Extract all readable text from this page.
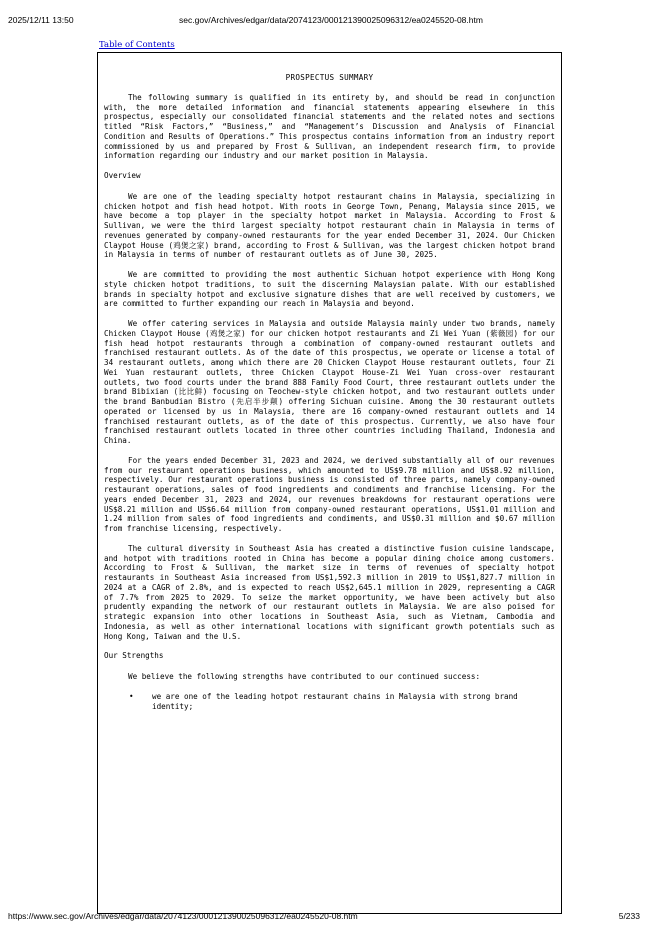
2025/12/11 13:50	sec.gov/Archives/edgar/data/2074123/000121390025096312/ea0245520-08.htm
Table of Contents
PROSPECTUS SUMMARY

The following summary is qualified in its entirety by, and should be read in conjunction with, the more detailed information and financial statements appearing elsewhere in this prospectus, especially our consolidated financial statements and the related notes and sections titled “Risk Factors,” “Business,” and “Management’s Discussion and Analysis of Financial Condition and Results of Operations.” This prospectus contains information from an industry report commissioned by us and prepared by Frost & Sullivan, an independent research firm, to provide information regarding our industry and our market position in Malaysia.

Overview

We are one of the leading specialty hotpot restaurant chains in Malaysia, specializing in chicken hotpot and fish head hotpot. With roots in George Town, Penang, Malaysia since 2015, we have become a top player in the specialty hotpot market in Malaysia. According to Frost & Sullivan, we were the third largest specialty hotpot restaurant chain in Malaysia in terms of revenues generated by company-owned restaurants for the year ended December 31, 2024. Our Chicken Claypot House (鸡煲之家) brand, according to Frost & Sullivan, was the largest chicken hotpot brand in Malaysia in terms of number of restaurant outlets as of June 30, 2025.

We are committed to providing the most authentic Sichuan hotpot experience with Hong Kong style chicken hotpot traditions, to suit the discerning Malaysian palate. With our established brands in specialty hotpot and exclusive signature dishes that are well received by customers, we are committed to further expanding our reach in Malaysia and beyond.

We offer catering services in Malaysia and outside Malaysia mainly under two brands, namely Chicken Claypot House (鸡煲之家) for our chicken hotpot restaurants and Zi Wei Yuan (紫薇园) for our fish head hotpot restaurants through a combination of company-owned restaurant outlets and franchised restaurant outlets. As of the date of this prospectus, we operate or license a total of 34 restaurant outlets, among which there are 20 Chicken Claypot House restaurant outlets, four Zi Wei Yuan restaurant outlets, three Chicken Claypot House-Zi Wei Yuan cross-over restaurant outlets, two food courts under the brand 888 Family Food Court, three restaurant outlets under the brand Bibixian (比比鲜) focusing on Teochew-style chicken hotpot, and two restaurant outlets under the brand Banbudian Bistro (先启半步颠) offering Sichuan cuisine. Among the 30 restaurant outlets operated or licensed by us in Malaysia, there are 16 company-owned restaurant outlets and 14 franchised restaurant outlets, as of the date of this prospectus. Currently, we also have four franchised restaurant outlets located in three other countries including Thailand, Indonesia and China.

For the years ended December 31, 2023 and 2024, we derived substantially all of our revenues from our restaurant operations business, which amounted to US$9.78 million and US$8.92 million, respectively. Our restaurant operations business is consisted of three parts, namely company-owned restaurant operations, sales of food ingredients and condiments and franchise licensing. For the years ended December 31, 2023 and 2024, our revenues breakdowns for restaurant operations were US$8.21 million and US$6.64 million from company-owned restaurant operations, US$1.01 million and 1.24 million from sales of food ingredients and condiments, and US$0.31 million and $0.67 million from franchise licensing, respectively.

The cultural diversity in Southeast Asia has created a distinctive fusion cuisine landscape, and hotpot with traditions rooted in China has become a popular dining choice among customers. According to Frost & Sullivan, the market size in terms of revenues of specialty hotpot restaurants in Southeast Asia increased from US$1,592.3 million in 2019 to US$1,827.7 million in 2024 at a CAGR of 2.8%, and is expected to reach US$2,645.1 million in 2029, representing a CAGR of 7.7% from 2025 to 2029. To seize the market opportunity, we have been actively but also prudently expanding the network of our restaurant outlets in Malaysia. We are also poised for strategic expansion into other locations in Southeast Asia, such as Vietnam, Cambodia and Indonesia, as well as other international locations with significant growth potentials such as Hong Kong, Taiwan and the U.S.

Our Strengths

We believe the following strengths have contributed to our continued success:

• we are one of the leading hotpot restaurant chains in Malaysia with strong brand identity;
https://www.sec.gov/Archives/edgar/data/2074123/000121390025096312/ea0245520-08.htm	5/233
